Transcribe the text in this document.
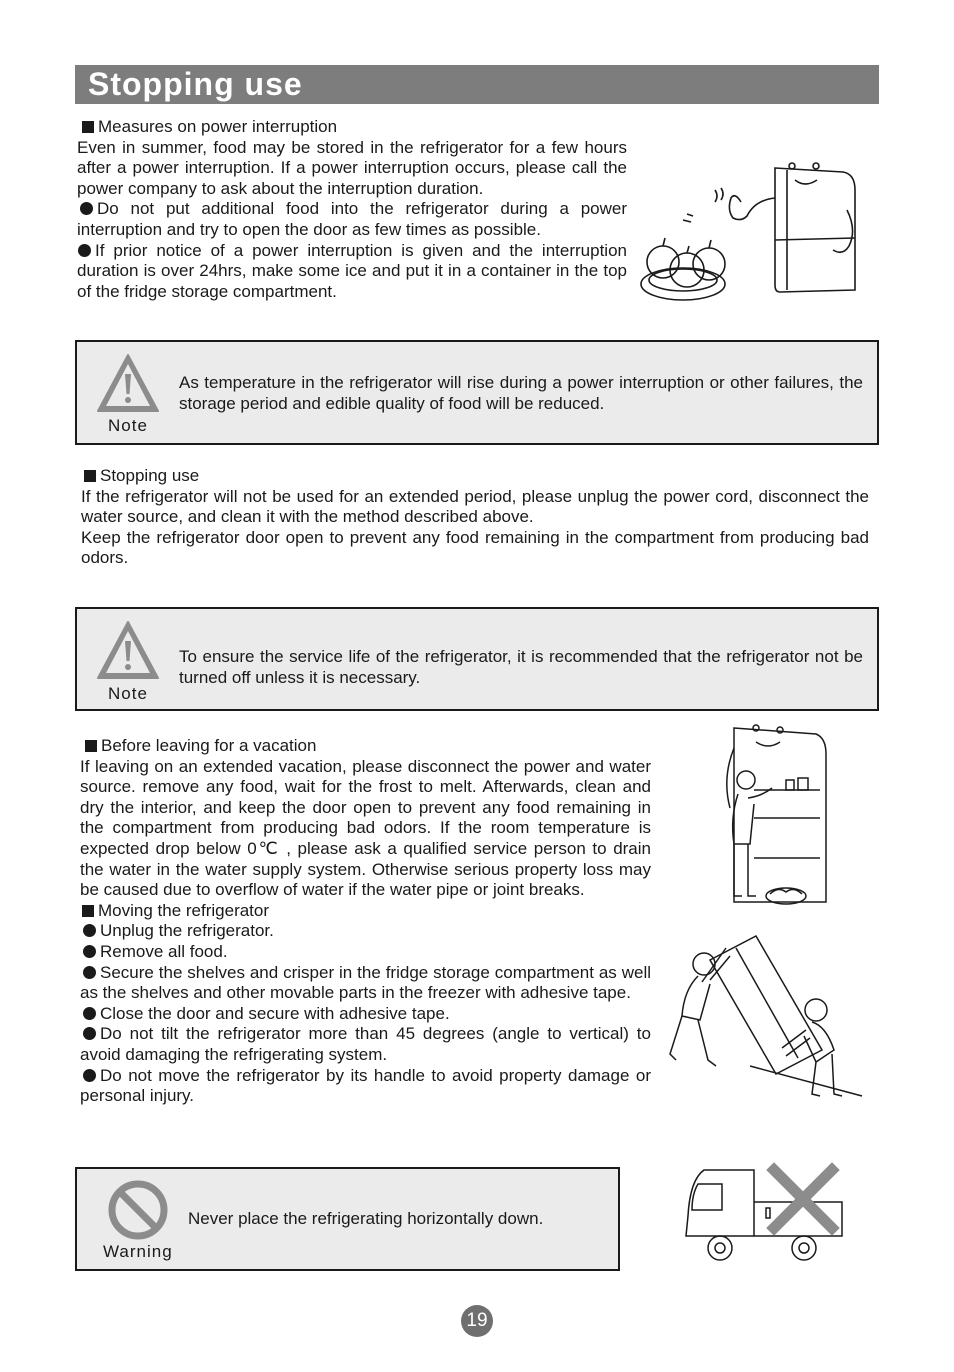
Stopping use
Measures on power interruption

Even in summer, food may be stored in the refrigerator for a few hours after a power interruption. If a power interruption occurs, please call the power company to ask about the interruption duration.

Do not put additional food into the refrigerator during a power interruption and try to open the door as few times as possible.

If prior notice of a power interruption is given and the interruption duration is over 24hrs, make some ice and put it in a container in the top of the fridge storage compartment.

Note

As temperature in the refrigerator will rise during a power interruption or other failures, the storage period and edible quality of food will be reduced.

Stopping use

If the refrigerator will not be used for an extended period, please unplug the power cord, disconnect the water source, and clean it with the method described above.

Keep the refrigerator door open to prevent any food remaining in the compartment from producing bad odors.

Note

To ensure the service life of the refrigerator, it is recommended that the refrigerator not be turned off unless it is necessary.

Before leaving for a vacation

If leaving on an extended vacation, please disconnect the power and water source. remove any food, wait for the frost to melt. Afterwards, clean and dry the interior, and keep the door open to prevent any food remaining in the compartment from producing bad odors. If the room temperature is expected drop below 0℃ , please ask a qualified service person to drain the water in the water supply system. Otherwise serious property loss may be caused due to overflow of water if the water pipe or joint breaks.

Moving the refrigerator

Unplug the refrigerator.

Remove all food.

Secure the shelves and crisper in the fridge storage compartment as well as the shelves and other movable parts in the freezer with adhesive tape.

Close the door and secure with adhesive tape.

Do not tilt the refrigerator more than 45 degrees (angle to vertical) to avoid damaging the refrigerating system.

Do not move the refrigerator by its handle to avoid property damage or personal injury.

Warning

Never place the refrigerating horizontally down.

19
